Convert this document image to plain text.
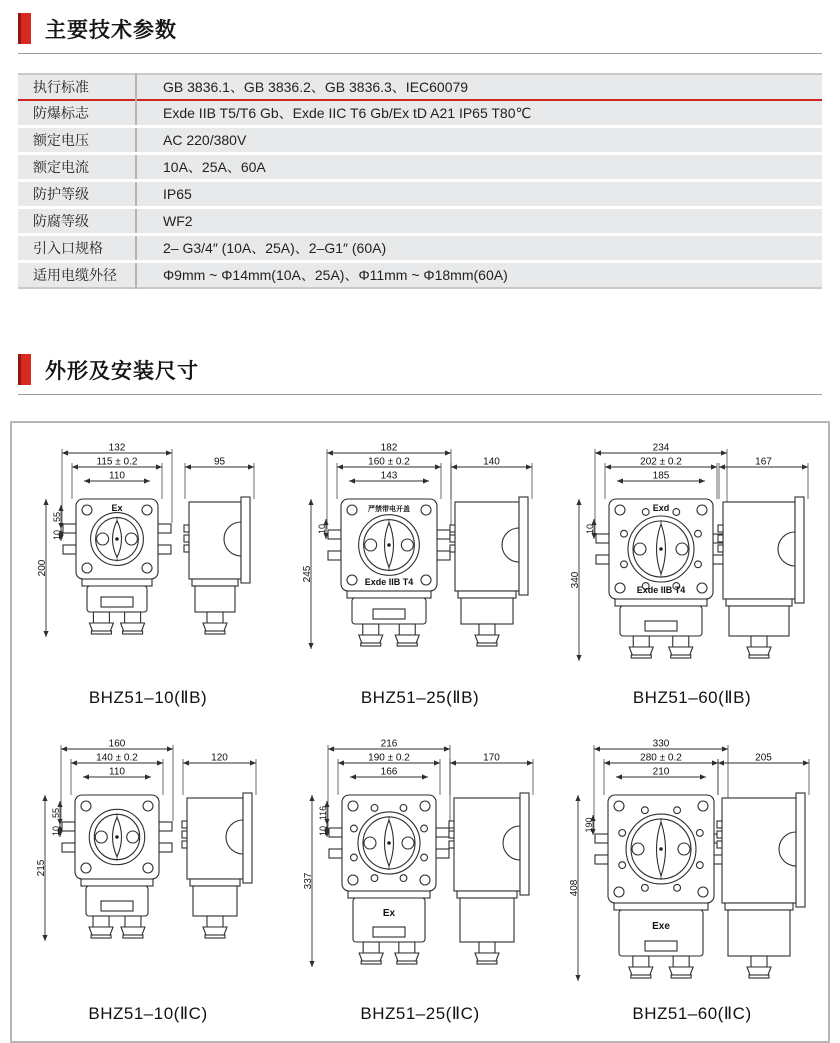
主要技术参数
执行标准	GB 3836.1、GB 3836.2、GB 3836.3、IEC60079
防爆标志	Exde IIB T5/T6 Gb、Exde IIC T6 Gb/Ex tD A21 IP65 T80℃
额定电压	AC 220/380V
额定电流	10A、25A、60A
防护等级	IP65
防腐等级	WF2
引入口规格	2– G3/4″ (10A、25A)、2–G1″ (60A)
适用电缆外径	Φ9mm ~ Φ14mm(10A、25A)、Φ11mm ~ Φ18mm(60A)
外形及安装尺寸
132
115 ± 0.2
110
200
55
10
Ex
95
BHZ51–10(ⅡB)
182
160 ± 0.2
143
245
10
严禁带电开盖
Exde IIB T4
140
BHZ51–25(ⅡB)
234
202 ± 0.2
185
340
10
Exd
Exde IIB T4
167
BHZ51–60(ⅡB)
160
140 ± 0.2
110
215
55
10
120
BHZ51–10(ⅡC)
216
190 ± 0.2
166
337
116
10
Ex
170
BHZ51–25(ⅡC)
330
280 ± 0.2
210
408
190
Exe
205
BHZ51–60(ⅡC)
